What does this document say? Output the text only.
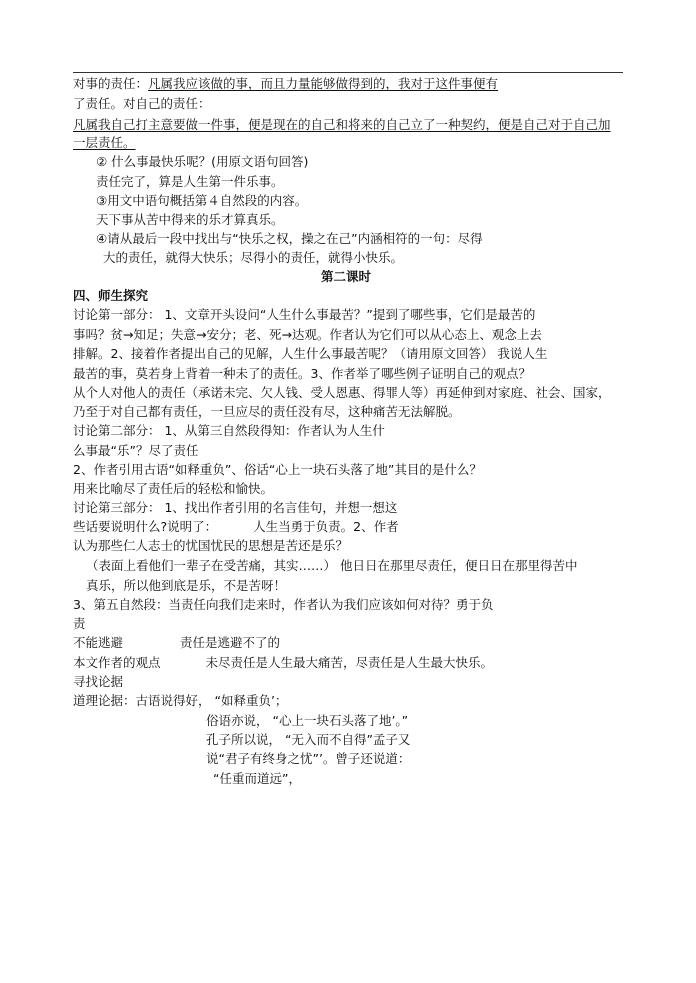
对事的责任：凡属我应该做的事，而且力量能够做得到的，我对于这件事便有
了责任。对自己的责任：
凡属我自己打主意要做一件事，便是现在的自己和将来的自己立了一种契约，便是自己对于自己加
一层责任。
② 什么事最快乐呢？(用原文语句回答)
责任完了，算是人生第一件乐事。
③用文中语句概括第４自然段的内容。
天下事从苦中得来的乐才算真乐。
④请从最后一段中找出与“快乐之权，操之在己”内涵相符的一句：尽得
大的责任，就得大快乐；尽得小的责任，就得小快乐。
第二课时
四、师生探究
讨论第一部分： 1、文章开头设问“人生什么事最苦？”提到了哪些事，它们是最苦的
事吗？贫→知足；失意→安分；老、死→达观。作者认为它们可以从心态上、观念上去
排解。2、接着作者提出自己的见解，人生什么事最苦呢？（请用原文回答） 我说人生
最苦的事，莫若身上背着一种未了的责任。3、作者举了哪些例子证明自己的观点？
从个人对他人的责任（承诺未完、欠人钱、受人恩惠、得罪人等）再延伸到对家庭、社会、国家，
乃至于对自己都有责任，一旦应尽的责任没有尽，这种痛苦无法解脱。
讨论第二部分： 1、从第三自然段得知：作者认为人生什
么事最“乐”？尽了责任
2、作者引用古语“如释重负”、俗话“心上一块石头落了地”其目的是什么？
用来比喻尽了责任后的轻松和愉快。
讨论第三部分： 1、找出作者引用的名言佳句，并想一想这
些话要说明什么?说明了：	人生当勇于负责。2、作者
认为那些仁人志士的忧国忧民的思想是苦还是乐？
（表面上看他们一辈子在受苦痛，其实……） 他日日在那里尽责任，便日日在那里得苦中
真乐，所以他到底是乐，不是苦呀！
3、第五自然段：当责任向我们走来时，作者认为我们应该如何对待？勇于负
责
不能逃避	责任是逃避不了的
本文作者的观点	未尽责任是人生最大痛苦，尽责任是人生最大快乐。
寻找论据
道理论据：古语说得好， “如释重负’；
俗语亦说， “心上一块石头落了地’。”
孔子所以说， “无入而不自得”孟子又
说“君子有终身之忧”’。曾子还说道：
“任重而道远”，
